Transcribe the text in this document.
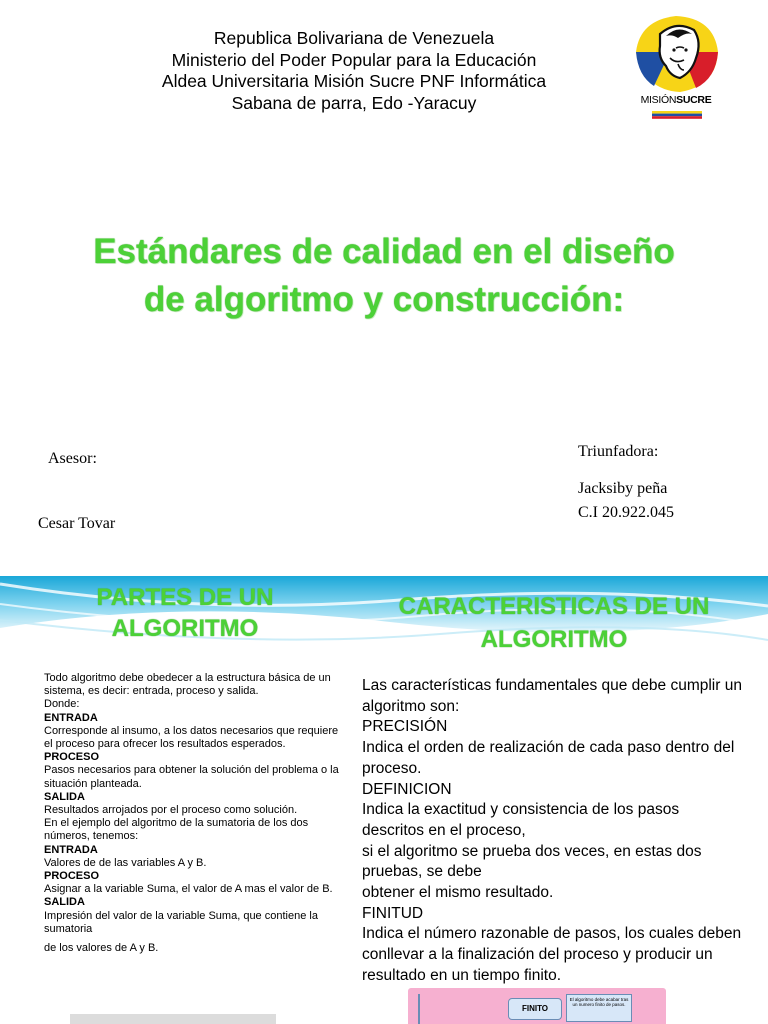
Republica Bolivariana de Venezuela
Ministerio del Poder Popular para la Educación
Aldea Universitaria Misión Sucre PNF Informática
Sabana de parra, Edo -Yaracuy	MISIÓNSUCRE
Estándares de calidad en el diseño
de algoritmo y construcción:
Asesor:
Cesar Tovar
Triunfadora:
Jacksiby peña
C.I 20.922.045
PARTES DE UN
ALGORITMO
CARACTERISTICAS DE UN
ALGORITMO
Todo algoritmo debe obedecer a la estructura básica de un sistema, es decir: entrada, proceso y salida.
Donde:
ENTRADA
Corresponde al insumo, a los datos necesarios que requiere el proceso para ofrecer los resultados esperados.
PROCESO
Pasos necesarios para obtener la solución del problema o la situación planteada.
SALIDA
Resultados arrojados por el proceso como solución.
En el ejemplo del algoritmo de la sumatoria de los dos números, tenemos:
ENTRADA
Valores de de las variables A y B.
PROCESO
Asignar a la variable Suma, el valor de A mas el valor de B.
SALIDA
Impresión del valor de la variable Suma, que contiene la sumatoria
de los valores de A y B.
Las características fundamentales que debe cumplir un algoritmo son:
PRECISIÓN
Indica el orden de realización de cada paso dentro del proceso.
DEFINICION
Indica la exactitud y consistencia de los pasos descritos en el proceso,
si el algoritmo se prueba dos veces, en estas dos pruebas, se debe
obtener el mismo resultado.
FINITUD
Indica el número razonable de pasos, los cuales deben conllevar a la finalización del proceso y producir un resultado en un tiempo finito.
FINITO
El algoritmo debe acabar tras un numero finito de pasos.
